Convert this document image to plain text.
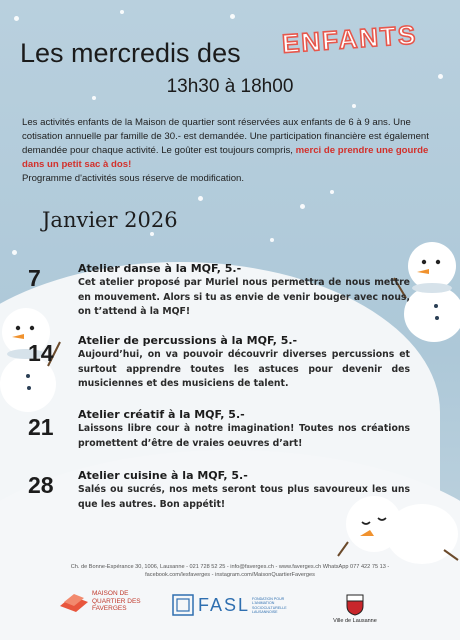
Les mercredis des ENFANTS
13h30 à 18h00
Les activités enfants de la Maison de quartier sont réservées aux enfants de 6 à 9 ans. Une cotisation annuelle par famille de 30.- est demandée. Une participation financière est également demandée pour chaque activité. Le goûter est toujours compris, merci de prendre une gourde dans un petit sac à dos!
Programme d'activités sous réserve de modification.
Janvier 2026
7	Atelier danse à la MQF, 5.-
Cet atelier proposé par Muriel nous permettra de nous mettre en mouvement. Alors si tu as envie de venir bouger avec nous, on t’attend à la MQF!
14	Atelier de percussions à la MQF, 5.-
Aujourd’hui, on va pouvoir découvrir diverses percussions et surtout apprendre toutes les astuces pour devenir des musiciennes et des musiciens de talent.
21	Atelier créatif à la MQF, 5.-
Laissons libre cour à notre imagination! Toutes nos créations promettent d’être de vraies oeuvres d’art!
28	Atelier cuisine à la MQF, 5.-
Salés ou sucrés, nos mets seront tous plus savoureux les uns que les autres. Bon appétit!
Ch. de Bonne-Espérance 30, 1006, Lausanne - 021 728 52 25 - info@faverges.ch - www.faverges.ch WhatsApp 077 422 75 13 -
facebook.com/lesfaverges - instagram.com/MaisonQuartierFaverges
MAISON DE QUARTIER DES FAVERGES	FASL FONDATION POUR L'ANIMATION SOCIOCULTURELLE LAUSANNOISE
Ville de Lausanne
